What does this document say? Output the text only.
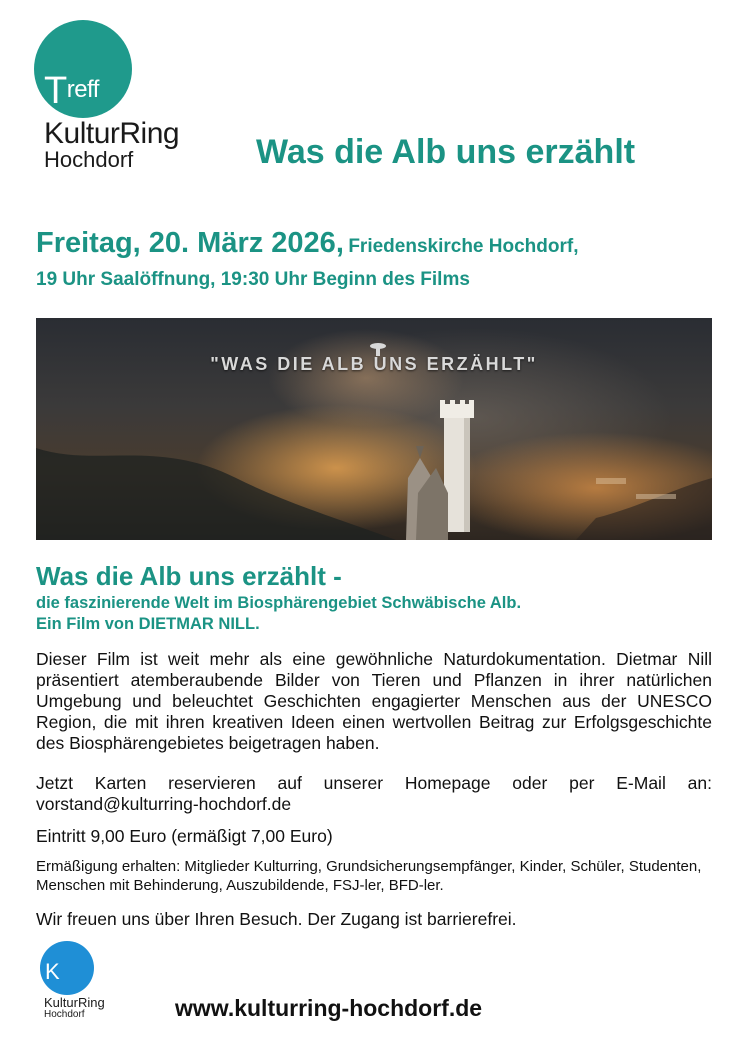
Treff
KulturRing
Hochdorf	Was die Alb uns erzählt
Freitag, 20. März 2026, Friedenskirche Hochdorf,
19 Uhr Saalöffnung, 19:30 Uhr Beginn des Films
"WAS DIE ALB UNS ERZÄHLT"
Was die Alb uns erzählt -
die faszinierende Welt im Biosphärengebiet Schwäbische Alb.
Ein Film von DIETMAR NILL.

Dieser Film ist weit mehr als eine gewöhnliche Naturdokumentation. Dietmar Nill präsentiert atemberaubende Bilder von Tieren und Pflanzen in ihrer natürlichen Umgebung und beleuchtet Geschichten engagierter Menschen aus der UNESCO Region, die mit ihren kreativen Ideen einen wertvollen Beitrag zur Erfolgsgeschichte des Biosphärengebietes beigetragen haben.

Jetzt Karten reservieren auf unserer Homepage oder per E-Mail an: vorstand@kulturring-hochdorf.de

Eintritt 9,00 Euro (ermäßigt 7,00 Euro)

Ermäßigung erhalten: Mitglieder Kulturring, Grundsicherungsempfänger, Kinder, Schüler, Studenten, Menschen mit Behinderung, Auszubildende, FSJ-ler, BFD-ler.

Wir freuen uns über Ihren Besuch. Der Zugang ist barrierefrei.
K
KulturRing
Hochdorf	www.kulturring-hochdorf.de
